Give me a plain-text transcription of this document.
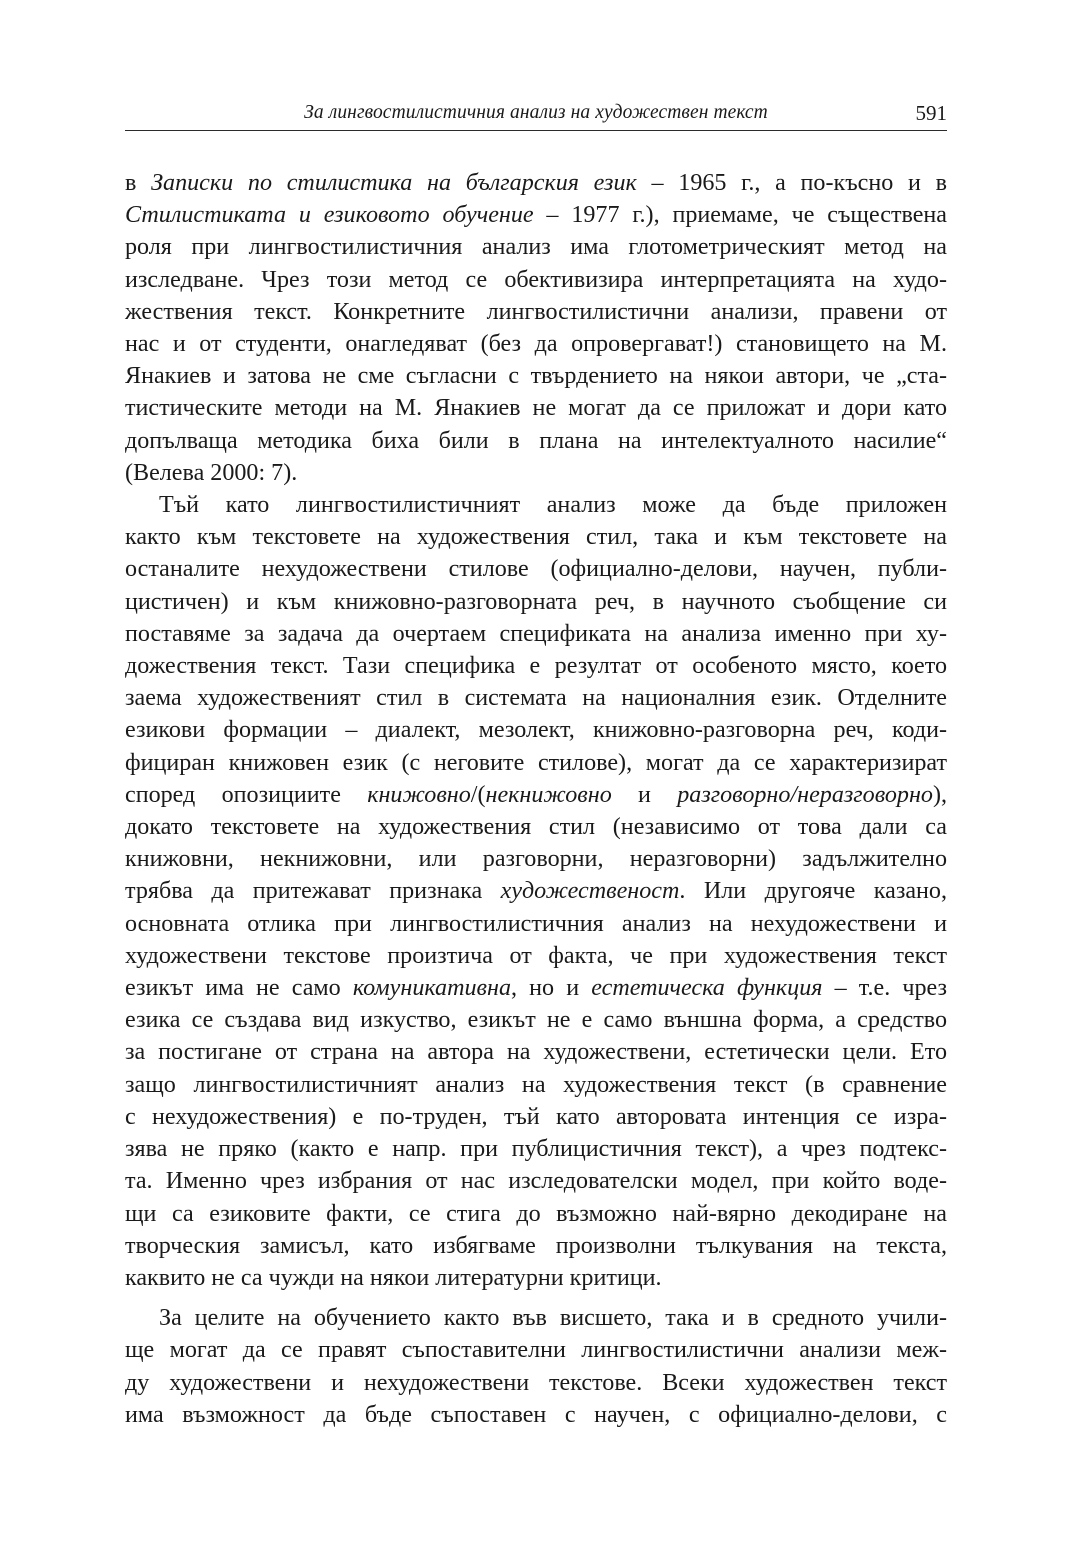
За лингвостилистичния анализ на художествен текст	591
в Записки по стилистика на българския език – 1965 г., а по-късно и в
Стилистиката и езиковото обучение – 1977 г.), приемаме, че съществена
роля при лингвостилистичния анализ има глотометрическият метод на
изследване. Чрез този метод се обективизира интерпретацията на худо-
жествения текст. Конкретните лингвостилистични анализи, правени от
нас и от студенти, онагледяват (без да опровергават!) становището на М.
Янакиев и затова не сме съгласни с твърдението на някои автори, че „ста-
тистическите методи на М. Янакиев не могат да се приложат и дори като
допълваща методика биха били в плана на интелектуалното насилие“
(Велева 2000: 7).
Тъй като лингвостилистичният анализ може да бъде приложен
както към текстовете на художествения стил, така и към текстовете на
останалите нехудожествени стилове (официално-делови, научен, публи-
цистичен) и към книжовно-разговорната реч, в научното съобщение си
поставяме за задача да очертаем спецификата на анализа именно при ху-
дожествения текст. Тази специфика е резултат от особеното място, което
заема художественият стил в системата на националния език. Отделните
езикови формации – диалект, мезолект, книжовно-разговорна реч, коди-
фициран книжовен език (с неговите стилове), могат да се характеризират
според опозициите книжовно/(некнижовно и разговорно/неразговорно),
докато текстовете на художествения стил (независимо от това дали са
книжовни, некнижовни, или разговорни, неразговорни) задължително
трябва да притежават признака художественост. Или другояче казано,
основната отлика при лингвостилистичния анализ на нехудожествени и
художествени текстове произтича от факта, че при художествения текст
езикът има не само комуникативна, но и естетическа функция – т.е. чрез
езика се създава вид изкуство, езикът не е само външна форма, а средство
за постигане от страна на автора на художествени, естетически цели. Ето
защо лингвостилистичният анализ на художествения текст (в сравнение
с нехудожествения) е по-труден, тъй като авторовата интенция се изра-
зява не пряко (както е напр. при публицистичния текст), а чрез подтекс-
та. Именно чрез избрания от нас изследователски модел, при който воде-
щи са езиковите факти, се стига до възможно най-вярно декодиране на
творческия замисъл, като избягваме произволни тълкувания на текста,
каквито не са чужди на някои литературни критици.
За целите на обучението както във висшето, така и в средното учили-
ще могат да се правят съпоставителни лингвостилистични анализи меж-
ду художествени и нехудожествени текстове. Всеки художествен текст
има възможност да бъде съпоставен с научен, с официално-делови, с
